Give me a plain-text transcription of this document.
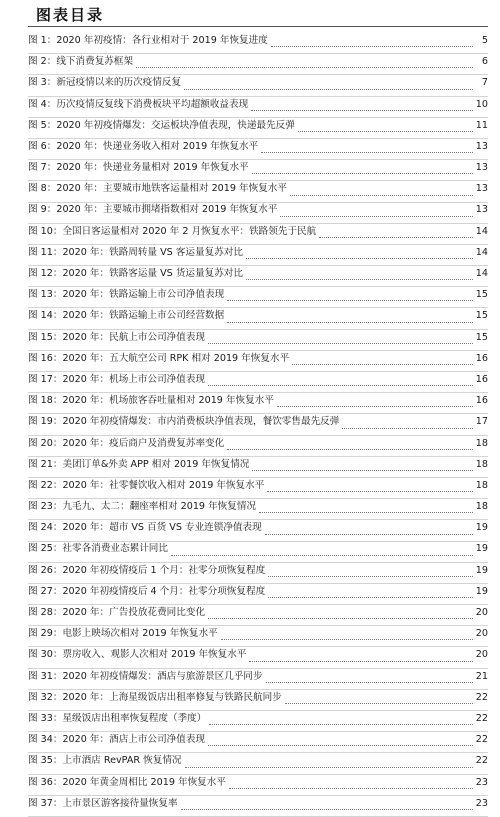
图表目录
图 1：2020 年初疫情：各行业相对于 2019 年恢复进度	5
图 2：线下消费复苏框架	6
图 3：新冠疫情以来的历次疫情反复	7
图 4：历次疫情反复线下消费板块平均超额收益表现	10
图 5：2020 年初疫情爆发：交运板块净值表现，快递最先反弹	11
图 6：2020 年：快递业务收入相对 2019 年恢复水平	13
图 7：2020 年：快递业务量相对 2019 年恢复水平	13
图 8：2020 年：主要城市地铁客运量相对 2019 年恢复水平	13
图 9：2020 年：主要城市拥堵指数相对 2019 年恢复水平	13
图 10：全国日客运量相对 2020 年 2 月恢复水平：铁路领先于民航	14
图 11：2020 年：铁路周转量 VS 客运量复苏对比	14
图 12：2020 年：铁路客运量 VS 货运量复苏对比	14
图 13：2020 年：铁路运输上市公司净值表现	15
图 14：2020 年：铁路运输上市公司经营数据	15
图 15：2020 年：民航上市公司净值表现	15
图 16：2020 年：五大航空公司 RPK 相对 2019 年恢复水平	16
图 17：2020 年：机场上市公司净值表现	16
图 18：2020 年：机场旅客吞吐量相对 2019 年恢复水平	16
图 19：2020 年初疫情爆发：市内消费板块净值表现，餐饮零售最先反弹	17
图 20：2020 年：疫后商户及消费复苏率变化	18
图 21：美团订单&外卖 APP 相对 2019 年恢复情况	18
图 22：2020 年：社零餐饮收入相对 2019 年恢复水平	18
图 23：九毛九、太二：翻座率相对 2019 年恢复情况	18
图 24：2020 年：超市 VS 百货 VS 专业连锁净值表现	19
图 25：社零各消费业态累计同比	19
图 26：2020 年初疫情疫后 1 个月：社零分项恢复程度	19
图 27：2020 年初疫情疫后 4 个月：社零分项恢复程度	19
图 28：2020 年：广告投放花费同比变化	20
图 29：电影上映场次相对 2019 年恢复水平	20
图 30：票房收入、观影人次相对 2019 年恢复水平	20
图 31：2020 年初疫情爆发：酒店与旅游景区几乎同步	21
图 32：2020 年：上海星级饭店出租率修复与铁路民航同步	22
图 33：星级饭店出租率恢复程度（季度）	22
图 34：2020 年：酒店上市公司净值表现	22
图 35：上市酒店 RevPAR 恢复情况	22
图 36：2020 年黄金周相比 2019 年恢复水平	23
图 37：上市景区游客接待量恢复率	23
